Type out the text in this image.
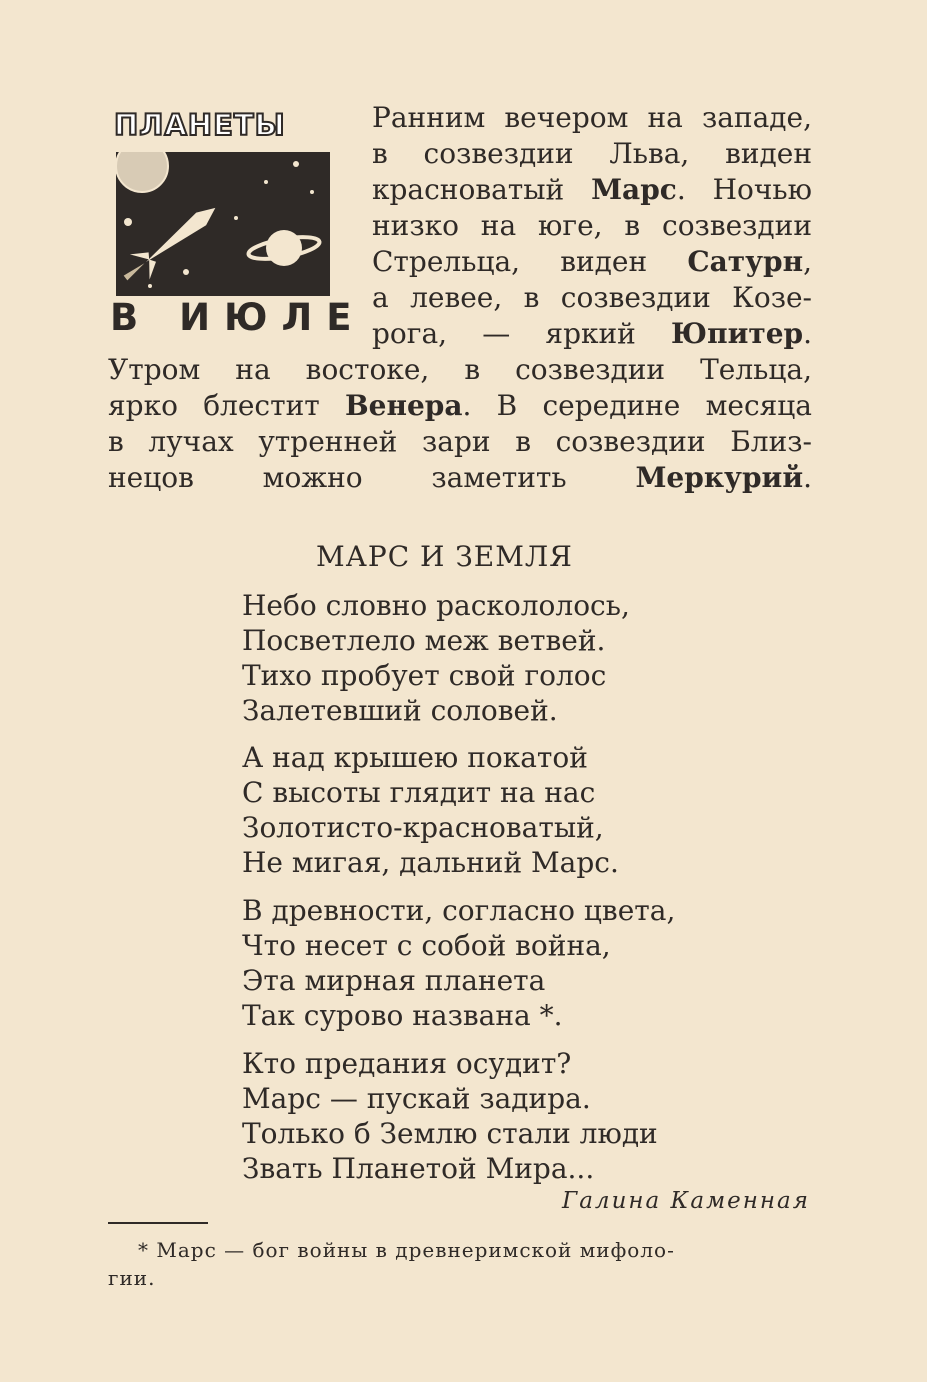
ПЛАНЕТЫ
В ИЮЛЕ
Ранним вечером на западе,
в созвездии Льва, виден
красноватый Марс. Ночью
низко на юге, в созвездии
Стрельца, виден Сатурн,
а левее, в созвездии Козе-
рога, — яркий Юпитер.
Утром на востоке, в созвездии Тельца,
ярко блестит Венера. В середине месяца
в лучах утренней зари в созвездии Близ-
нецов можно заметить Меркурий.
МАРС И ЗЕМЛЯ
Небо словно раскололось,
Посветлело меж ветвей.
Тихо пробует свой голос
Залетевший соловей.
А над крышею покатой
С высоты глядит на нас
Золотисто-красноватый,
Не мигая, дальний Марс.
В древности, согласно цвета,
Что несет с собой война,
Эта мирная планета
Так сурово названа *.
Кто предания осудит?
Марс — пускай задира.
Только б Землю стали люди
Звать Планетой Мира...
Галина Каменная
* Марс — бог войны в древнеримской мифоло-
гии.
